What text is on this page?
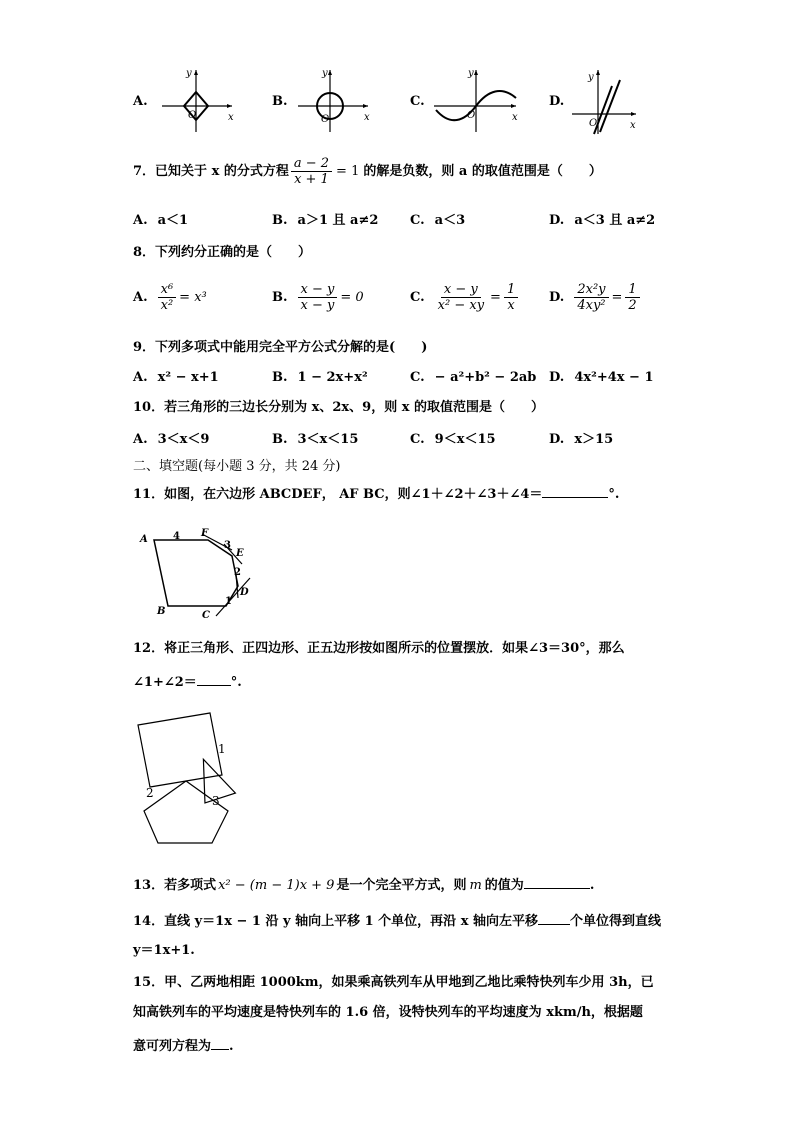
A.
y
x
O
B.
y
x
O
C.
y
x
O
D.
y
x
O
7．已知关于 x 的分式方程 $\frac{a - 2}{x + 1} = 1$ 的解是负数，则 a 的取值范围是（　　）
A. a＜1	B. a＞1 且 a≠2 C. a＜3	D. a＜3 且 a≠2
8．下列约分正确的是（　　）
A. $\frac{\text{x⁶}}{\text{x²}} = x^3$	B. $\frac{x - y}{x - y} = 0$	C. $\frac{x - y}{\text{x² − xy}} = \frac{1}{x} D$. $\frac{\text{2x²y}}{\text{4xy²}} = \frac{1}{2}$
9．下列多项式中能用完全平方公式分解的是(　　)
A. x² − x+1	B. 1 − 2x+x²	C. − a²+b² − 2ab D. 4x²+4x − 1
10．若三角形的三边长分别为 x、2x、9，则 x 的取值范围是（　　）
A. 3＜x＜9	B. 3＜x＜15	C. 9＜x＜15	D. x＞15
二、填空题(每小题 3 分，共 24 分)
11．如图，在六边形 ABCDEF， AF BC，则∠1＋∠2＋∠3＋∠4＝	°.
A
F
E
D
C
B
4
3
2
1
12．将正三角形、正四边形、正五边形按如图所示的位置摆放．如果∠3＝30°，那么
∠1+∠2＝	°.
1
2
3
13．若多项式 x² − (m − 1)x + 9 是一个完全平方式，则 m 的值为	.
14．直线 y＝1x − 1 沿 y 轴向上平移 1 个单位，再沿 x 轴向左平移 个单位得到直线
y＝1x+1.
15．甲、乙两地相距 1000km，如果乘高铁列车从甲地到乙地比乘特快列车少用 3h，已
知高铁列车的平均速度是特快列车的 1.6 倍，设特快列车的平均速度为 xkm/h，根据题
意可列方程为 .
